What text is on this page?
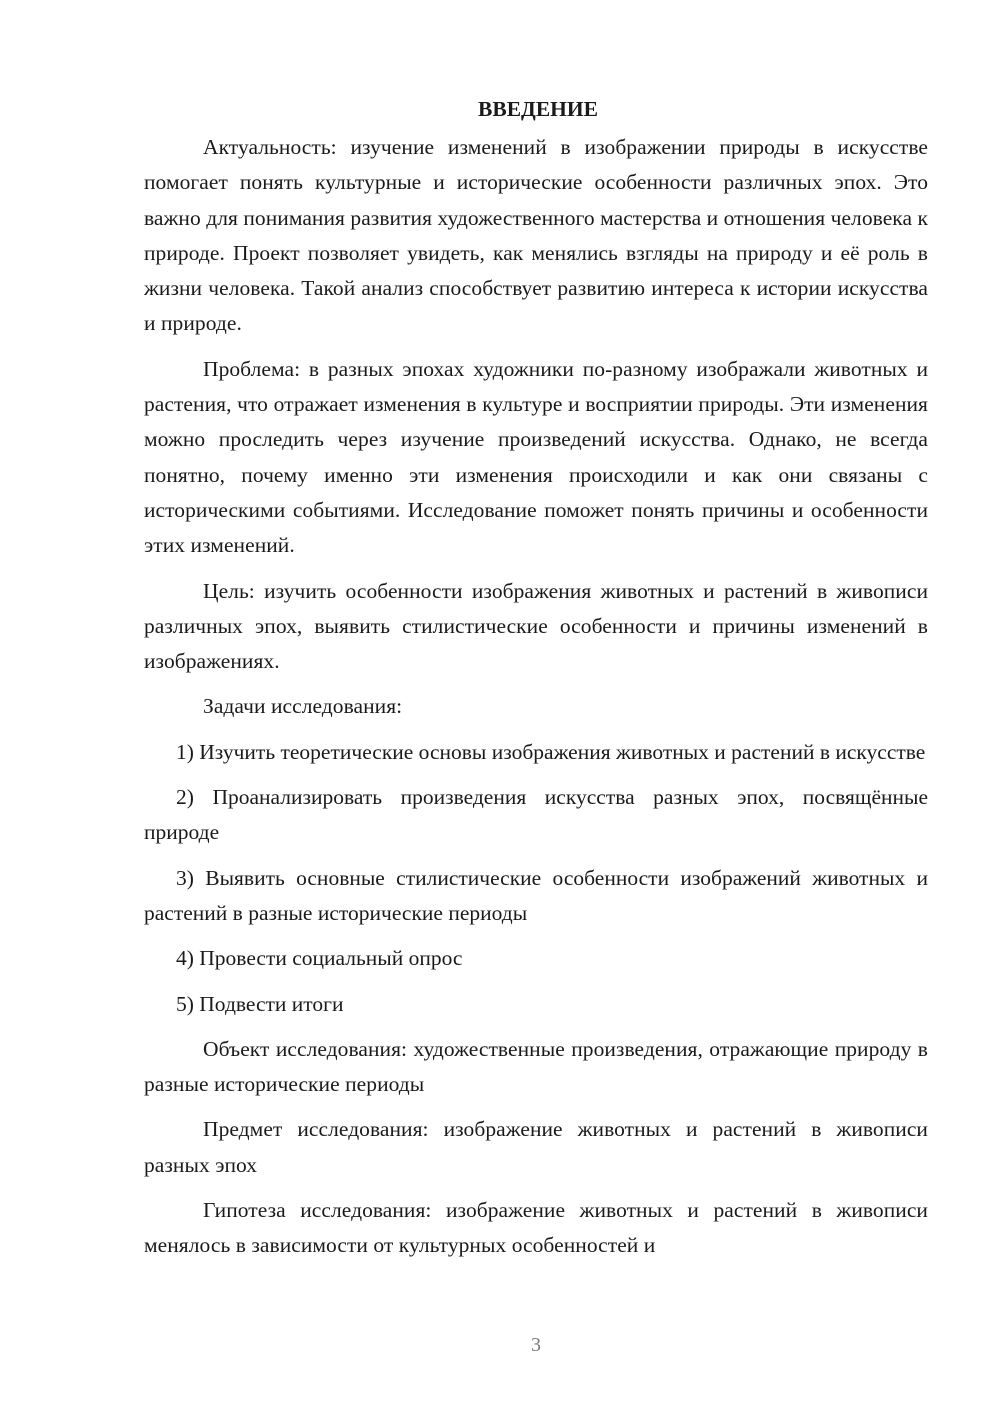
ВВЕДЕНИЕ

Актуальность: изучение изменений в изображении природы в искусстве помогает понять культурные и исторические особенности различных эпох. Это важно для понимания развития художественного мастерства и отношения человека к природе. Проект позволяет увидеть, как менялись взгляды на природу и её роль в жизни человека. Такой анализ способствует развитию интереса к истории искусства и природе.

Проблема: в разных эпохах художники по-разному изображали животных и растения, что отражает изменения в культуре и восприятии природы. Эти изменения можно проследить через изучение произведений искусства. Однако, не всегда понятно, почему именно эти изменения происходили и как они связаны с историческими событиями. Исследование поможет понять причины и особенности этих изменений.

Цель: изучить особенности изображения животных и растений в живописи различных эпох, выявить стилистические особенности и причины изменений в изображениях.

Задачи исследования:

1) Изучить теоретические основы изображения животных и растений в искусстве

2) Проанализировать произведения искусства разных эпох, посвящённые природе

3) Выявить основные стилистические особенности изображений животных и растений в разные исторические периоды

4) Провести социальный опрос

5) Подвести итоги

Объект исследования: художественные произведения, отражающие природу в разные исторические периоды

Предмет исследования: изображение животных и растений в живописи разных эпох

Гипотеза исследования: изображение животных и растений в живописи менялось в зависимости от культурных особенностей и

3
